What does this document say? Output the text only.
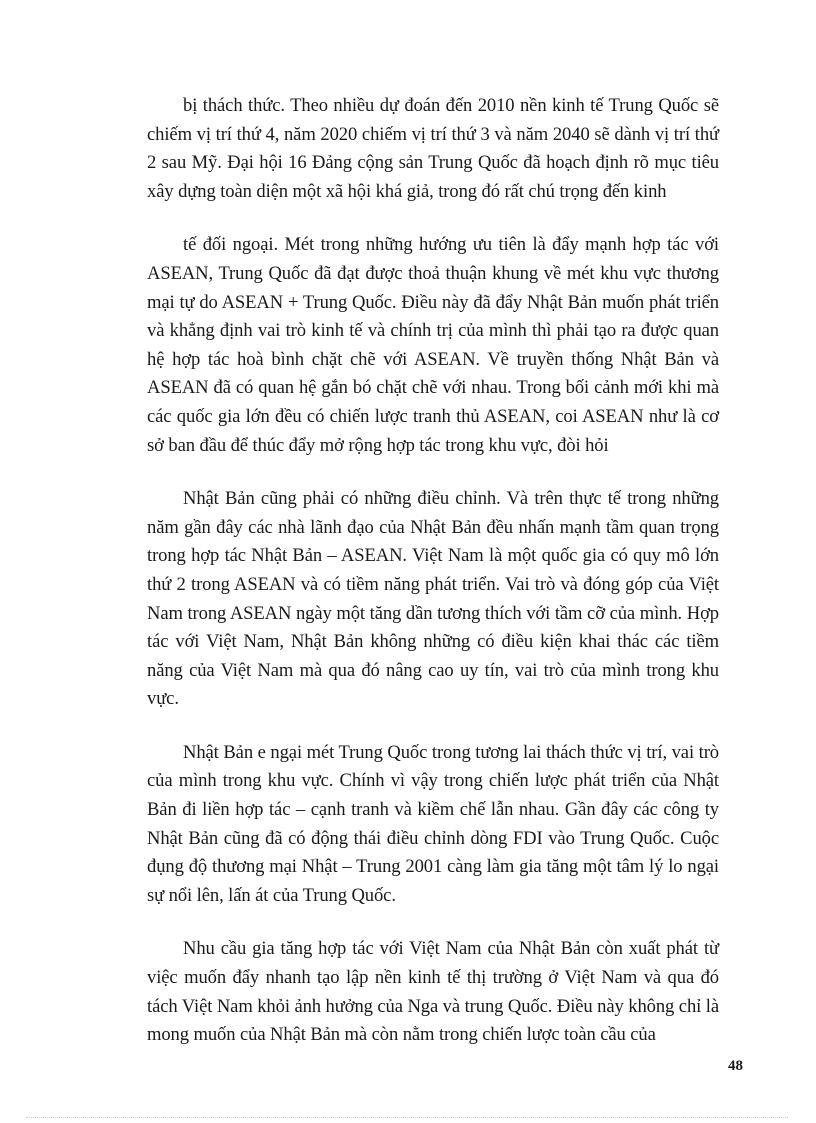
bị thách thức. Theo nhiều dự đoán đến 2010 nền kinh tế Trung Quốc sẽ chiếm vị trí thứ 4, năm 2020 chiếm vị trí thứ 3 và năm 2040 sẽ dành vị trí thứ 2 sau Mỹ. Đại hội 16 Đảng cộng sản Trung Quốc đã hoạch định rõ mục tiêu xây dựng toàn diện một xã hội khá giả, trong đó rất chú trọng đến kinh

tế đối ngoại. Mét trong những hướng ưu tiên là đẩy mạnh hợp tác với ASEAN, Trung Quốc đã đạt được thoả thuận khung về mét khu vực thương mại tự do ASEAN + Trung Quốc. Điều này đã đẩy Nhật Bản muốn phát triển và khẳng định vai trò kinh tế và chính trị của mình thì phải tạo ra được quan hệ hợp tác hoà bình chặt chẽ với ASEAN. Về truyền thống Nhật Bản và ASEAN đã có quan hệ gắn bó chặt chẽ với nhau. Trong bối cảnh mới khi mà các quốc gia lớn đều có chiến lược tranh thủ ASEAN, coi ASEAN như là cơ sở ban đầu để thúc đẩy mở rộng hợp tác trong khu vực, đòi hỏi

Nhật Bản cũng phải có những điều chỉnh. Và trên thực tế trong những năm gần đây các nhà lãnh đạo của Nhật Bản đều nhấn mạnh tầm quan trọng trong hợp tác Nhật Bản – ASEAN. Việt Nam là một quốc gia có quy mô lớn thứ 2 trong ASEAN và có tiềm năng phát triển. Vai trò và đóng góp của Việt Nam trong ASEAN ngày một tăng dần tương thích với tầm cỡ của mình. Hợp tác với Việt Nam, Nhật Bản không những có điều kiện khai thác các tiềm năng của Việt Nam mà qua đó nâng cao uy tín, vai trò của mình trong khu vực.

Nhật Bản e ngại mét Trung Quốc trong tương lai thách thức vị trí, vai trò của mình trong khu vực. Chính vì vậy trong chiến lược phát triển của Nhật Bản đi liền hợp tác – cạnh tranh và kiềm chế lẫn nhau. Gần đây các công ty Nhật Bản cũng đã có động thái điều chỉnh dòng FDI vào Trung Quốc. Cuộc đụng độ thương mại Nhật – Trung 2001 càng làm gia tăng một tâm lý lo ngại sự nổi lên, lấn át của Trung Quốc.

Nhu cầu gia tăng hợp tác với Việt Nam của Nhật Bản còn xuất phát từ việc muốn đẩy nhanh tạo lập nền kinh tế thị trường ở Việt Nam và qua đó tách Việt Nam khỏi ảnh hưởng của Nga và trung Quốc. Điều này không chỉ là mong muốn của Nhật Bản mà còn nằm trong chiến lược toàn cầu của

48
